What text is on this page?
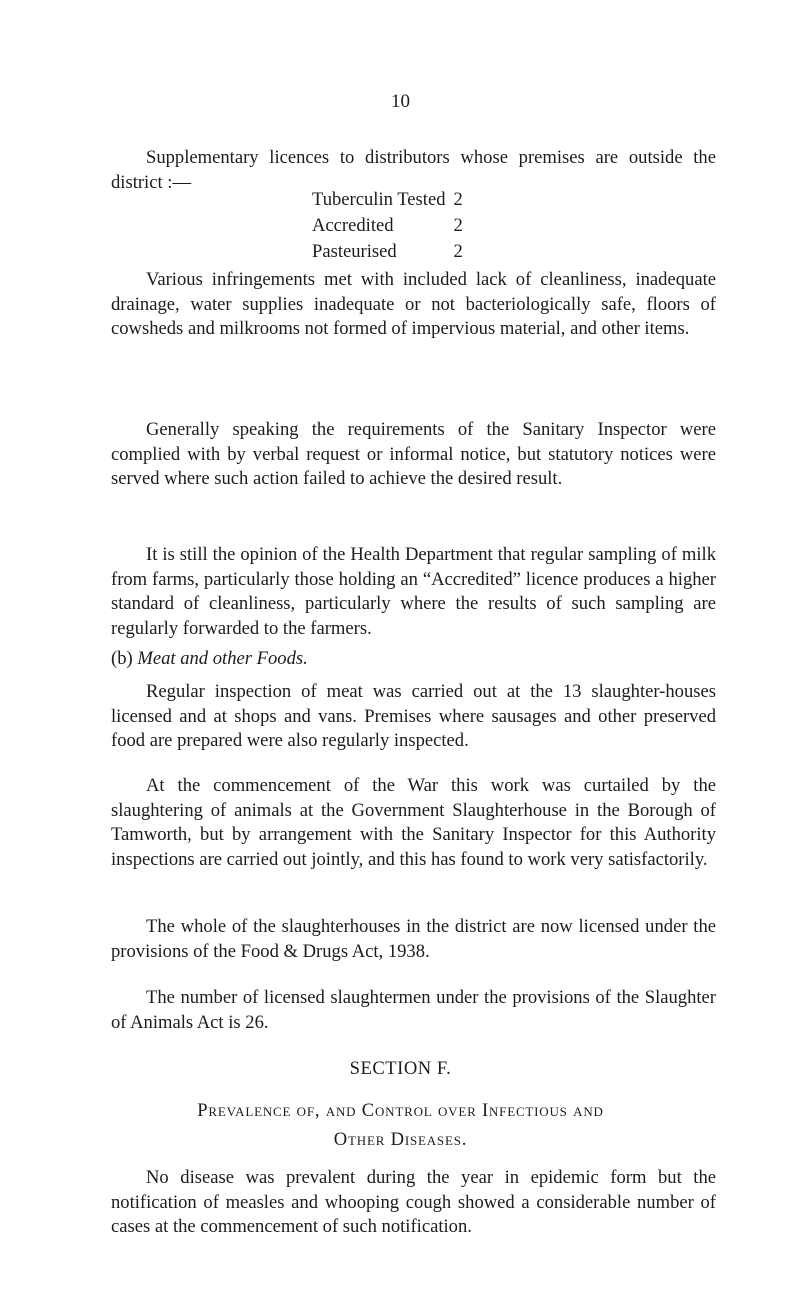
10

Supplementary licences to distributors whose premises are outside the district :—

Tuberculin Tested	2
Accredited	2
Pasteurised	2

Various infringements met with included lack of cleanliness, inadequate drainage, water supplies inadequate or not bacteriologically safe, floors of cowsheds and milkrooms not formed of impervious material, and other items.

Generally speaking the requirements of the Sanitary Inspector were complied with by verbal request or informal notice, but statutory notices were served where such action failed to achieve the desired result.

It is still the opinion of the Health Department that regular sampling of milk from farms, particularly those holding an “Accredited” licence produces a higher standard of cleanliness, particularly where the results of such sampling are regularly forwarded to the farmers.

(b) Meat and other Foods.

Regular inspection of meat was carried out at the 13 slaughter-houses licensed and at shops and vans. Premises where sausages and other preserved food are prepared were also regularly inspected.

At the commencement of the War this work was curtailed by the slaughtering of animals at the Government Slaughterhouse in the Borough of Tamworth, but by arrangement with the Sanitary Inspector for this Authority inspections are carried out jointly, and this has found to work very satisfactorily.

The whole of the slaughterhouses in the district are now licensed under the provisions of the Food & Drugs Act, 1938.

The number of licensed slaughtermen under the provisions of the Slaughter of Animals Act is 26.

SECTION F.
Prevalence of, and Control over Infectious and
Other Diseases.

No disease was prevalent during the year in epidemic form but the notification of measles and whooping cough showed a considerable number of cases at the commencement of such notification.
